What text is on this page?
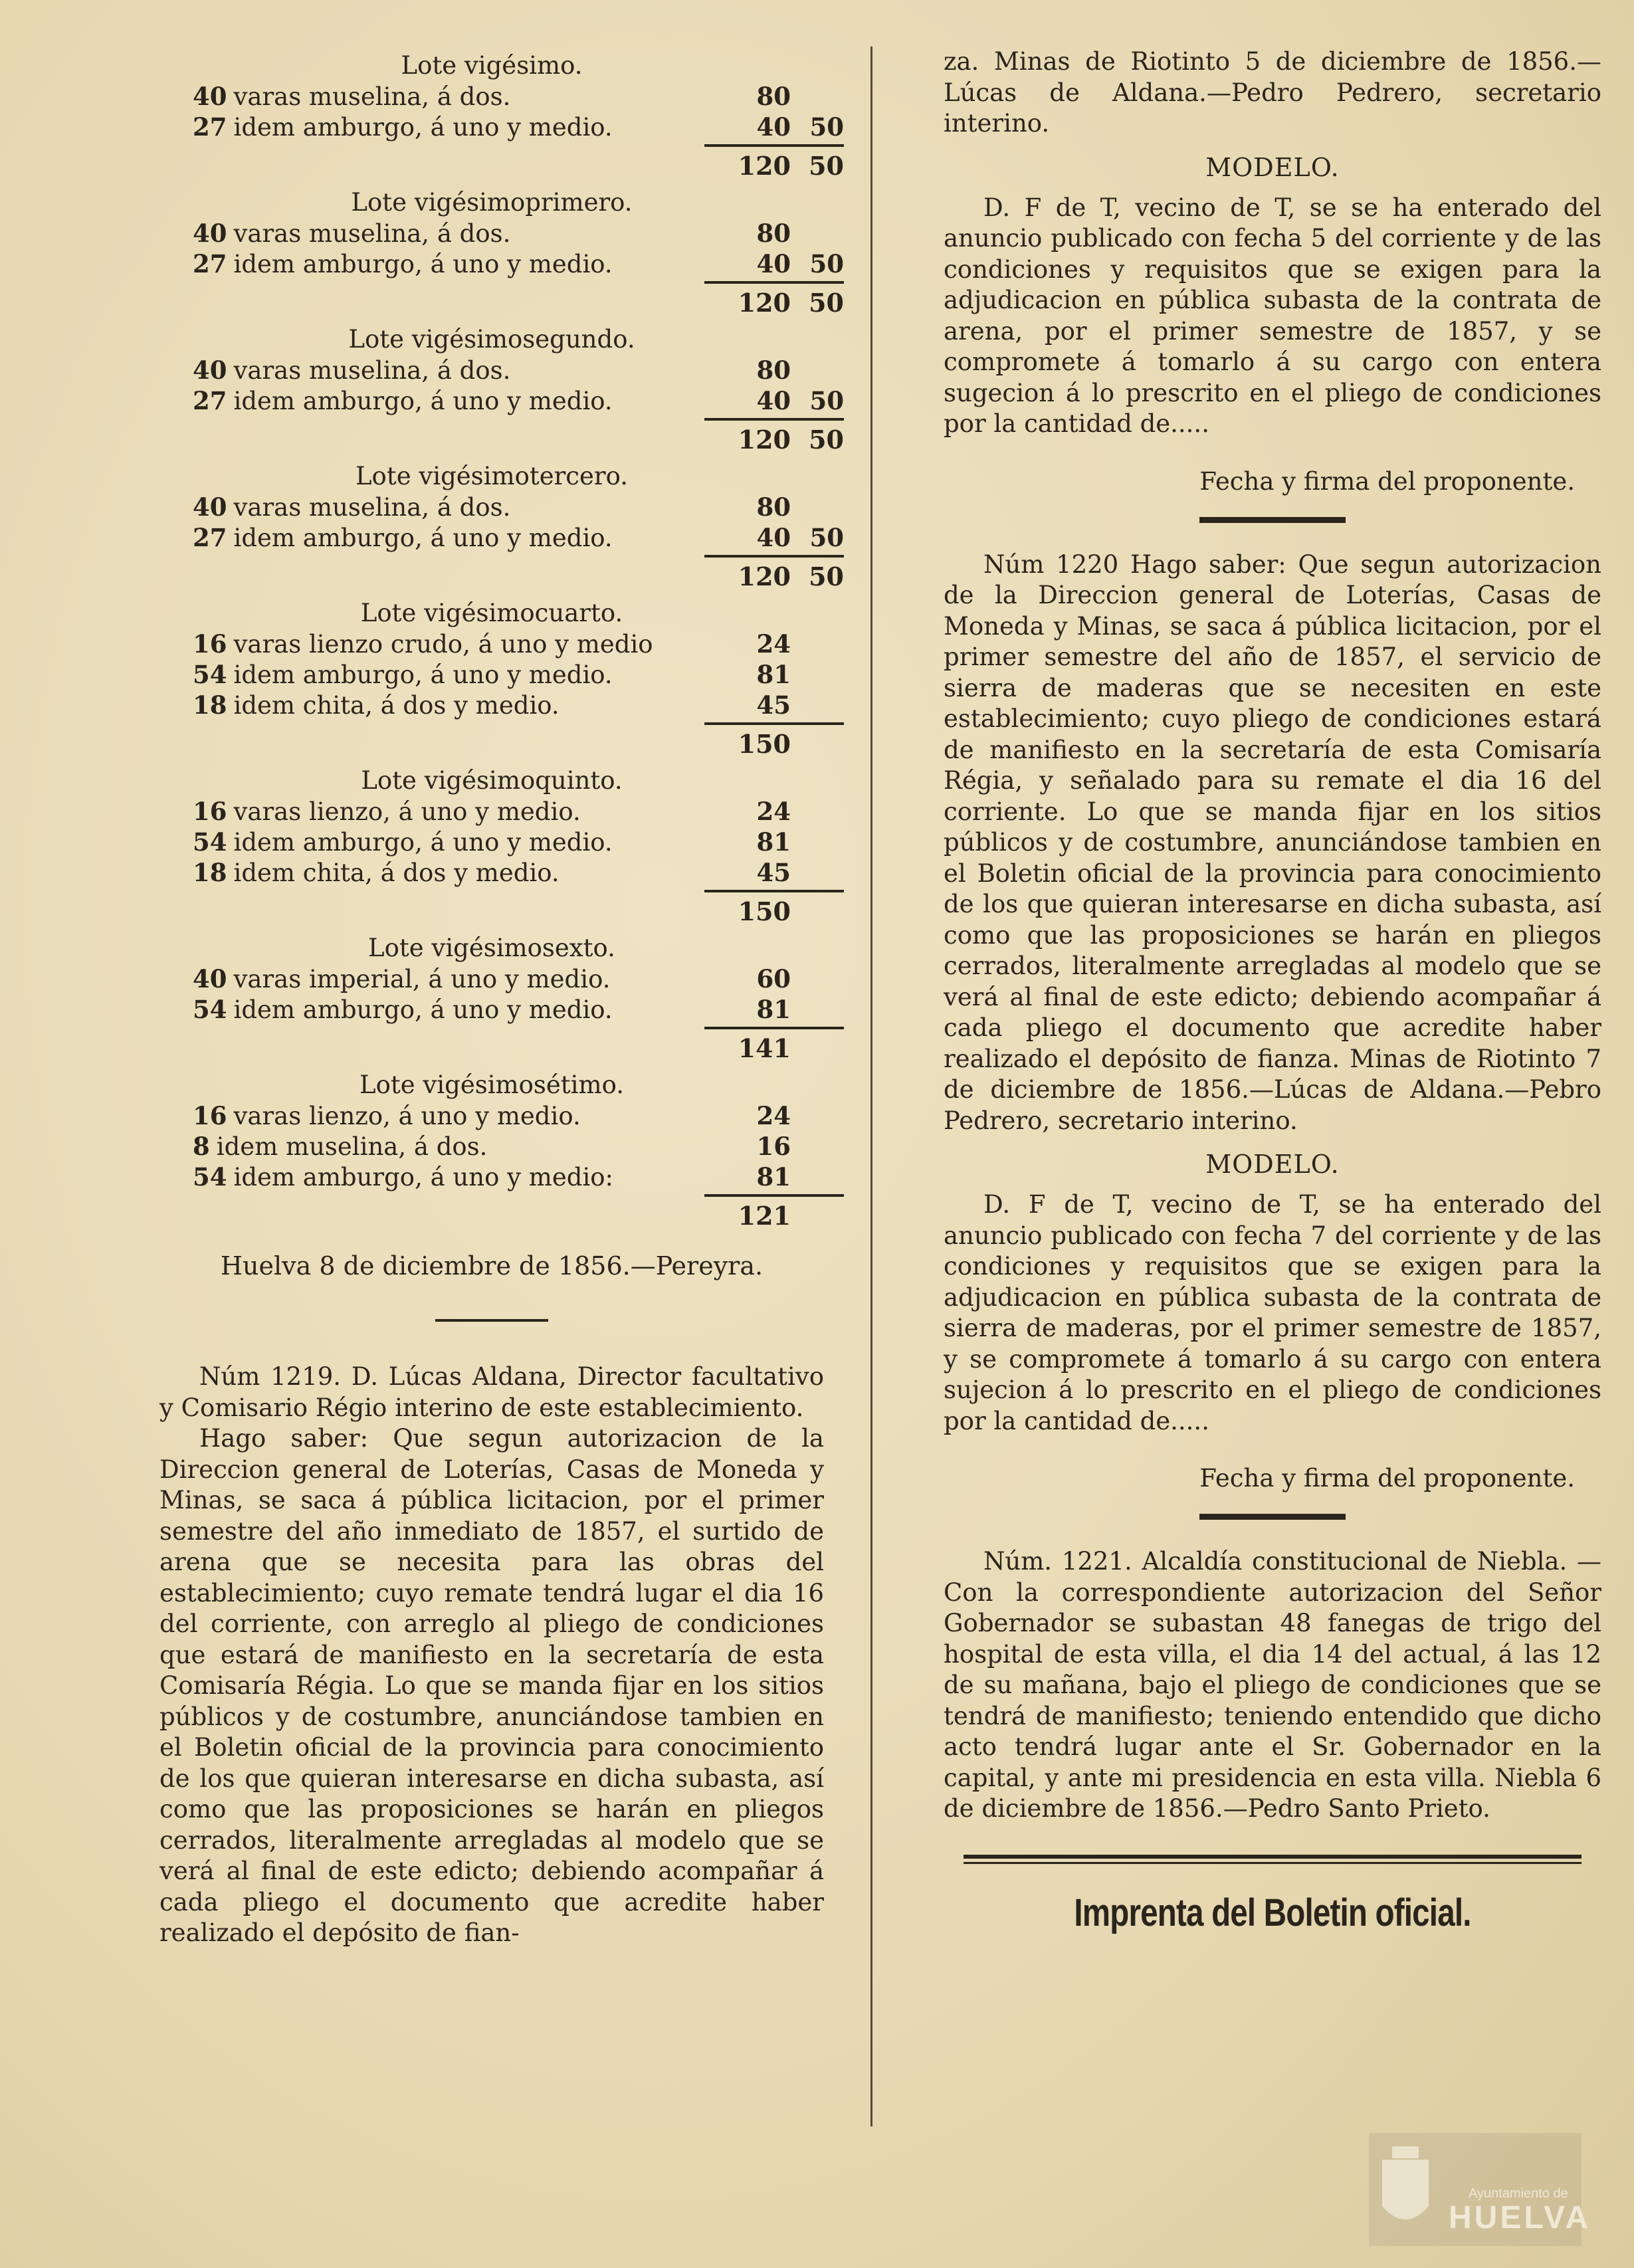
Lote vigésimo.
40 varas muselina, á dos.	80
27 idem amburgo, á uno y medio.	40 50
120 50
Lote vigésimoprimero.
40 varas muselina, á dos.	80
27 idem amburgo, á uno y medio.	40 50
120 50
Lote vigésimosegundo.
40 varas muselina, á dos.	80
27 idem amburgo, á uno y medio.	40 50
120 50
Lote vigésimotercero.
40 varas muselina, á dos.	80
27 idem amburgo, á uno y medio.	40 50
120 50
Lote vigésimocuarto.
16 varas lienzo crudo, á uno y medio	24
54 idem amburgo, á uno y medio.	81
18 idem chita, á dos y medio.	45
150
Lote vigésimoquinto.
16 varas lienzo, á uno y medio.	24
54 idem amburgo, á uno y medio.	81
18 idem chita, á dos y medio.	45
150
Lote vigésimosexto.
40 varas imperial, á uno y medio.	60
54 idem amburgo, á uno y medio.	81
141
Lote vigésimosétimo.
16 varas lienzo, á uno y medio.	24
8 idem muselina, á dos.	16
54 idem amburgo, á uno y medio:	81
121
Huelva 8 de diciembre de 1856.—Pereyra.

Núm 1219. D. Lúcas Aldana, Director facultativo y Comisario Régio interino de este establecimiento.

Hago saber: Que segun autorizacion de la Direccion general de Loterías, Casas de Moneda y Minas, se saca á pública licitacion, por el primer semestre del año inmediato de 1857, el surtido de arena que se necesita para las obras del establecimiento; cuyo remate tendrá lugar el dia 16 del corriente, con arreglo al pliego de condiciones que estará de manifiesto en la secretaría de esta Comisaría Régia. Lo que se manda fijar en los sitios públicos y de costumbre, anunciándose tambien en el Boletin oficial de la provincia para conocimiento de los que quieran interesarse en dicha subasta, así como que las proposiciones se harán en pliegos cerrados, literalmente arregladas al modelo que se verá al final de este edicto; debiendo acompañar á cada pliego el documento que acredite haber realizado el depósito de fian-

za. Minas de Riotinto 5 de diciembre de 1856.—Lúcas de Aldana.—Pedro Pedrero, secretario interino.

MODELO.

D. F de T, vecino de T, se se ha enterado del anuncio publicado con fecha 5 del corriente y de las condiciones y requisitos que se exigen para la adjudicacion en pública subasta de la contrata de arena, por el primer semestre de 1857, y se compromete á tomarlo á su cargo con entera sugecion á lo prescrito en el pliego de condiciones por la cantidad de.....

Fecha y firma del proponente.

Núm 1220 Hago saber: Que segun autorizacion de la Direccion general de Loterías, Casas de Moneda y Minas, se saca á pública licitacion, por el primer semestre del año de 1857, el servicio de sierra de maderas que se necesiten en este establecimiento; cuyo pliego de condiciones estará de manifiesto en la secretaría de esta Comisaría Régia, y señalado para su remate el dia 16 del corriente. Lo que se manda fijar en los sitios públicos y de costumbre, anunciándose tambien en el Boletin oficial de la provincia para conocimiento de los que quieran interesarse en dicha subasta, así como que las proposiciones se harán en pliegos cerrados, literalmente arregladas al modelo que se verá al final de este edicto; debiendo acompañar á cada pliego el documento que acredite haber realizado el depósito de fianza. Minas de Riotinto 7 de diciembre de 1856.—Lúcas de Aldana.—Pebro Pedrero, secretario interino.

MODELO.

D. F de T, vecino de T, se ha enterado del anuncio publicado con fecha 7 del corriente y de las condiciones y requisitos que se exigen para la adjudicacion en pública subasta de la contrata de sierra de maderas, por el primer semestre de 1857, y se compromete á tomarlo á su cargo con entera sujecion á lo prescrito en el pliego de condiciones por la cantidad de.....

Fecha y firma del proponente.

Núm. 1221. Alcaldía constitucional de Niebla. —Con la correspondiente autorizacion del Señor Gobernador se subastan 48 fanegas de trigo del hospital de esta villa, el dia 14 del actual, á las 12 de su mañana, bajo el pliego de condiciones que se tendrá de manifiesto; teniendo entendido que dicho acto tendrá lugar ante el Sr. Gobernador en la capital, y ante mi presidencia en esta villa. Niebla 6 de diciembre de 1856.—Pedro Santo Prieto.

Imprenta del Boletin oficial.
Ayuntamiento de
HUELVA
